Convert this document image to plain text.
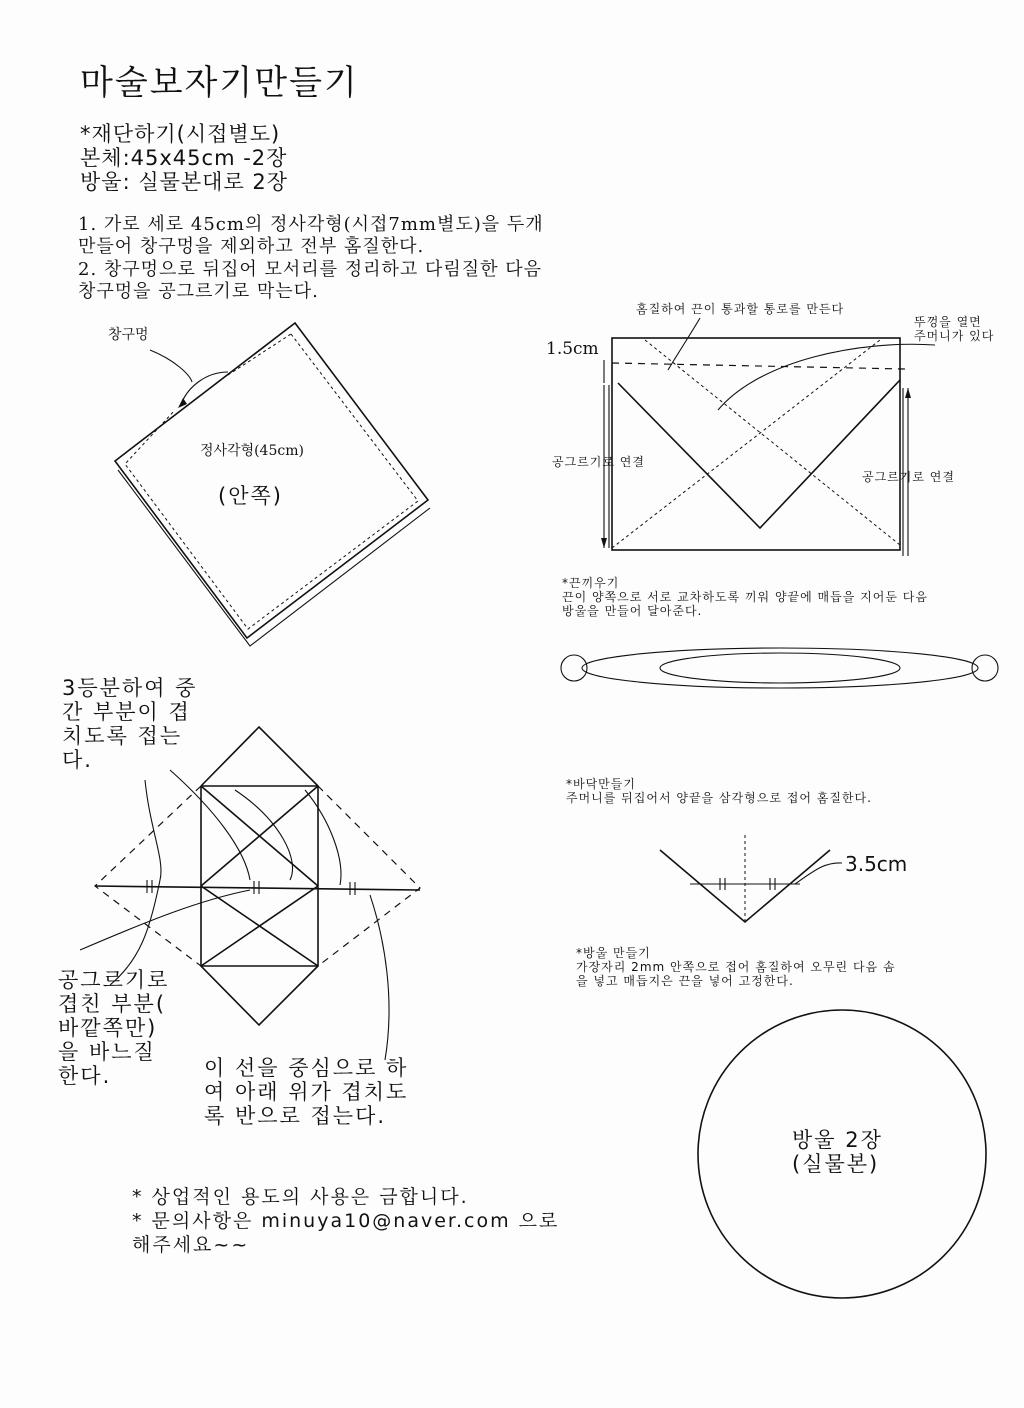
마술보자기만들기
*재단하기(시접별도)
본체:45x45cm -2장
방울: 실물본대로 2장
1. 가로 세로 45cm의 정사각형(시접7mm별도)을 두개
만들어 창구멍을 제외하고 전부 홈질한다.
2. 창구멍으로 뒤집어 모서리를 정리하고 다림질한 다음
창구멍을 공그르기로 막는다.
창구멍
정사각형(45cm)
(안쪽)
홈질하여 끈이 통과할 통로를 만든다
뚜껑을 열면
주머니가 있다
1.5cm
공그르기로 연결
공그르기로 연결
*끈끼우기
끈이 양쪽으로 서로 교차하도록 끼워 양끝에 매듭을 지어둔 다음
방울을 만들어 달아준다.
3등분하여 중
간 부분이 겹
치도록 접는
다.
공그르기로
겹친 부분(
바깥쪽만)
을 바느질
한다.	이 선을 중심으로 하
여 아래 위가 겹치도
록 반으로 접는다.
*바닥만들기
주머니를 뒤집어서 양끝을 삼각형으로 접어 홈질한다.
3.5cm
*방울 만들기
가장자리 2mm 안쪽으로 접어 홈질하여 오무린 다음 솜
을 넣고 매듭지은 끈을 넣어 고정한다.
방울 2장
(실물본)
* 상업적인 용도의 사용은 금합니다.
* 문의사항은 minuya10@naver.com 으로
해주세요~~
